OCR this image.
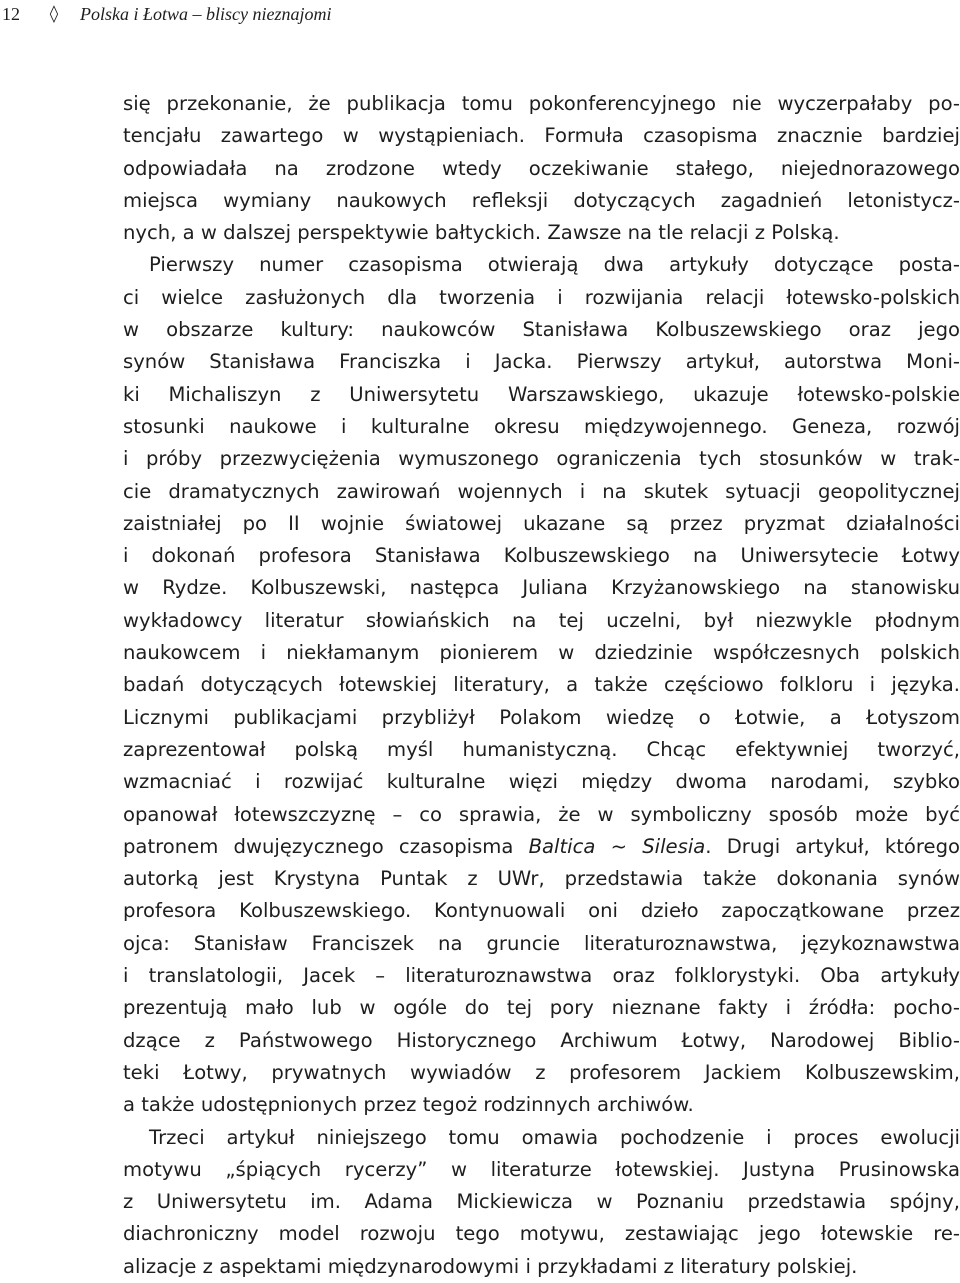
12	◊	Polska i Łotwa – bliscy nieznajomi
się przekonanie, że publikacja tomu pokonferencyjnego nie wyczerpałaby po-
tencjału zawartego w wystąpieniach. Formuła czasopisma znacznie bardziej
odpowiadała na zrodzone wtedy oczekiwanie stałego, niejednorazowego
miejsca wymiany naukowych refleksji dotyczących zagadnień letonistycz-
nych, a w dalszej perspektywie bałtyckich. Zawsze na tle relacji z Polską.
Pierwszy numer czasopisma otwierają dwa artykuły dotyczące posta-
ci wielce zasłużonych dla tworzenia i rozwijania relacji łotewsko-polskich
w obszarze kultury: naukowców Stanisława Kolbuszewskiego oraz jego
synów Stanisława Franciszka i Jacka. Pierwszy artykuł, autorstwa Moni-
ki Michaliszyn z Uniwersytetu Warszawskiego, ukazuje łotewsko-polskie
stosunki naukowe i kulturalne okresu międzywojennego. Geneza, rozwój
i próby przezwyciężenia wymuszonego ograniczenia tych stosunków w trak-
cie dramatycznych zawirowań wojennych i na skutek sytuacji geopolitycznej
zaistniałej po II wojnie światowej ukazane są przez pryzmat działalności
i dokonań profesora Stanisława Kolbuszewskiego na Uniwersytecie Łotwy
w Rydze. Kolbuszewski, następca Juliana Krzyżanowskiego na stanowisku
wykładowcy literatur słowiańskich na tej uczelni, był niezwykle płodnym
naukowcem i niekłamanym pionierem w dziedzinie współczesnych polskich
badań dotyczących łotewskiej literatury, a także częściowo folkloru i języka.
Licznymi publikacjami przybliżył Polakom wiedzę o Łotwie, a Łotyszom
zaprezentował polską myśl humanistyczną. Chcąc efektywniej tworzyć,
wzmacniać i rozwijać kulturalne więzi między dwoma narodami, szybko
opanował łotewszczyznę – co sprawia, że w symboliczny sposób może być
patronem dwujęzycznego czasopisma Baltica ~ Silesia. Drugi artykuł, którego
autorką jest Krystyna Puntak z UWr, przedstawia także dokonania synów
profesora Kolbuszewskiego. Kontynuowali oni dzieło zapoczątkowane przez
ojca: Stanisław Franciszek na gruncie literaturoznawstwa, językoznawstwa
i translatologii, Jacek – literaturoznawstwa oraz folklorystyki. Oba artykuły
prezentują mało lub w ogóle do tej pory nieznane fakty i źródła: pocho-
dzące z Państwowego Historycznego Archiwum Łotwy, Narodowej Biblio-
teki Łotwy, prywatnych wywiadów z profesorem Jackiem Kolbuszewskim,
a także udostępnionych przez tegoż rodzinnych archiwów.
Trzeci artykuł niniejszego tomu omawia pochodzenie i proces ewolucji
motywu „śpiących rycerzy” w literaturze łotewskiej. Justyna Prusinowska
z Uniwersytetu im. Adama Mickiewicza w Poznaniu przedstawia spójny,
diachroniczny model rozwoju tego motywu, zestawiając jego łotewskie re-
alizacje z aspektami międzynarodowymi i przykładami z literatury polskiej.
